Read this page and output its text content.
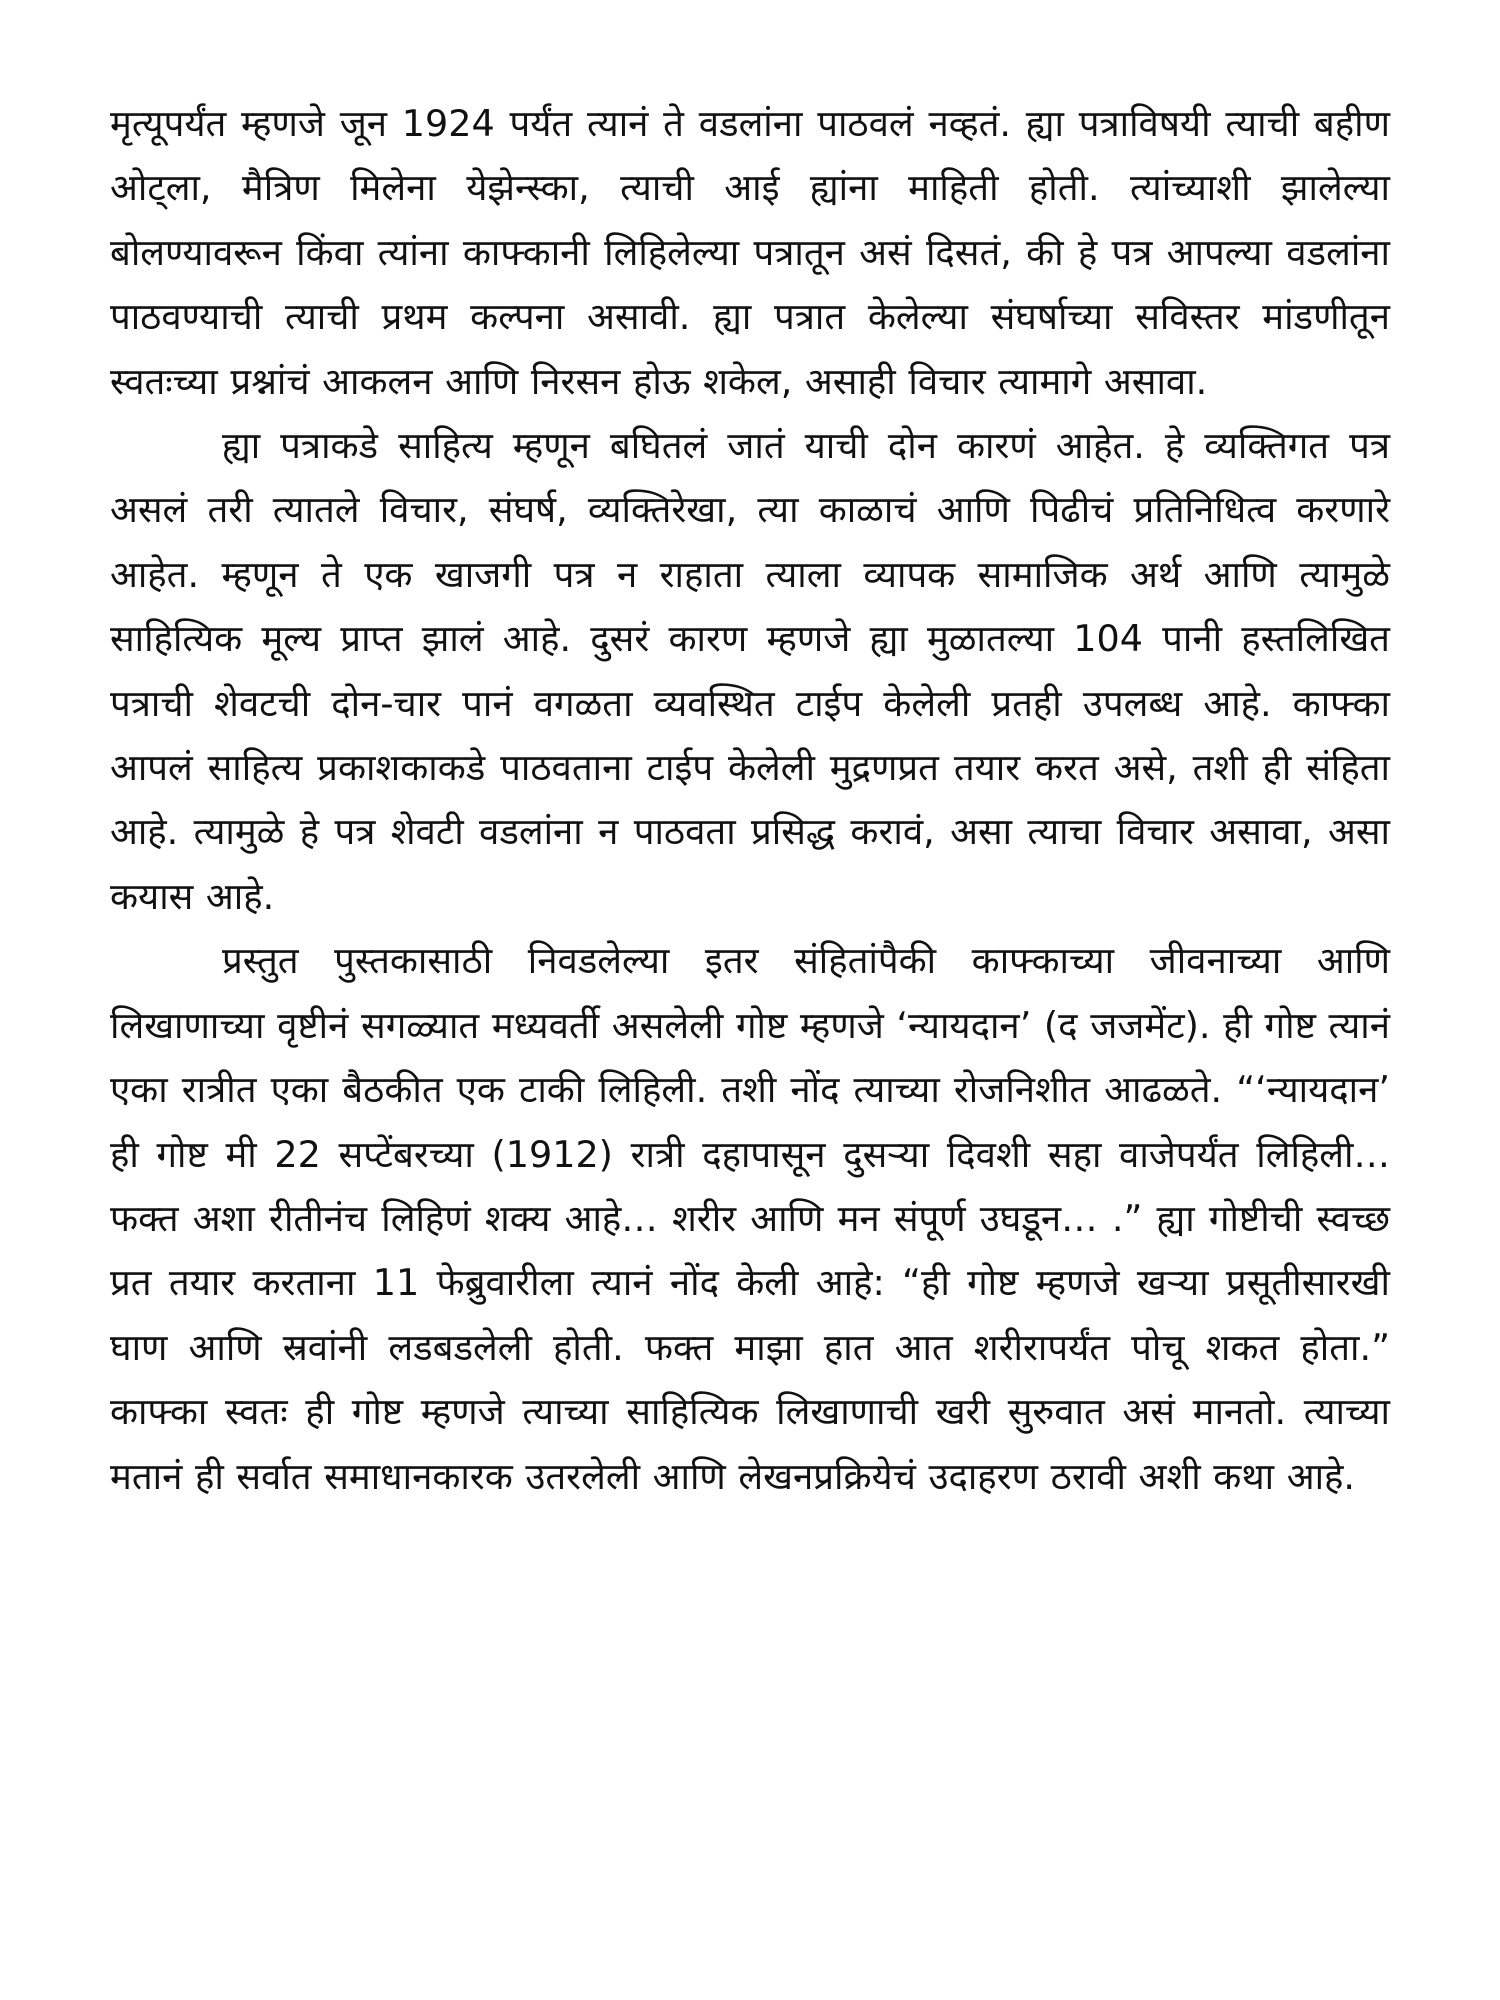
मृत्यूपर्यंत म्हणजे जून 1924 पर्यंत त्यानं ते वडलांना पाठवलं नव्हतं. ह्या पत्राविषयी त्याची बहीण ओट्ला, मैत्रिण मिलेना येझेन्स्का, त्याची आई ह्यांना माहिती होती. त्यांच्याशी झालेल्या बोलण्यावरून किंवा त्यांना काफ्कानी लिहिलेल्या पत्रातून असं दिसतं, की हे पत्र आपल्या वडलांना पाठवण्याची त्याची प्रथम कल्पना असावी. ह्या पत्रात केलेल्या संघर्षाच्या सविस्तर मांडणीतून स्वतःच्या प्रश्नांचं आकलन आणि निरसन होऊ शकेल, असाही विचार त्यामागे असावा.

ह्या पत्राकडे साहित्य म्हणून बघितलं जातं याची दोन कारणं आहेत. हे व्यक्तिगत पत्र असलं तरी त्यातले विचार, संघर्ष, व्यक्तिरेखा, त्या काळाचं आणि पिढीचं प्रतिनिधित्व करणारे आहेत. म्हणून ते एक खाजगी पत्र न राहाता त्याला व्यापक सामाजिक अर्थ आणि त्यामुळे साहित्यिक मूल्य प्राप्त झालं आहे. दुसरं कारण म्हणजे ह्या मुळातल्या 104 पानी हस्तलिखित पत्राची शेवटची दोन-चार पानं वगळता व्यवस्थित टाईप केलेली प्रतही उपलब्ध आहे. काफ्का आपलं साहित्य प्रकाशकाकडे पाठवताना टाईप केलेली मुद्रणप्रत तयार करत असे, तशी ही संहिता आहे. त्यामुळे हे पत्र शेवटी वडलांना न पाठवता प्रसिद्ध करावं, असा त्याचा विचार असावा, असा कयास आहे.

प्रस्तुत पुस्तकासाठी निवडलेल्या इतर संहितांपैकी काफ्काच्या जीवनाच्या आणि लिखाणाच्या वृष्टीनं सगळ्यात मध्यवर्ती असलेली गोष्ट म्हणजे ‘न्यायदान’ (द जजमेंट). ही गोष्ट त्यानं एका रात्रीत एका बैठकीत एक टाकी लिहिली. तशी नोंद त्याच्या रोजनिशीत आढळते. “‘न्यायदान’ ही गोष्ट मी 22 सप्टेंबरच्या (1912) रात्री दहापासून दुसऱ्या दिवशी सहा वाजेपर्यंत लिहिली… फक्त अशा रीतीनंच लिहिणं शक्य आहे… शरीर आणि मन संपूर्ण उघडून… .” ह्या गोष्टीची स्वच्छ प्रत तयार करताना 11 फेब्रुवारीला त्यानं नोंद केली आहे: “ही गोष्ट म्हणजे खऱ्या प्रसूतीसारखी घाण आणि स्रवांनी लडबडलेली होती. फक्त माझा हात आत शरीरापर्यंत पोचू शकत होता.” काफ्का स्वतः ही गोष्ट म्हणजे त्याच्या साहित्यिक लिखाणाची खरी सुरुवात असं मानतो. त्याच्या मतानं ही सर्वात समाधानकारक उतरलेली आणि लेखनप्रक्रियेचं उदाहरण ठरावी अशी कथा आहे.
